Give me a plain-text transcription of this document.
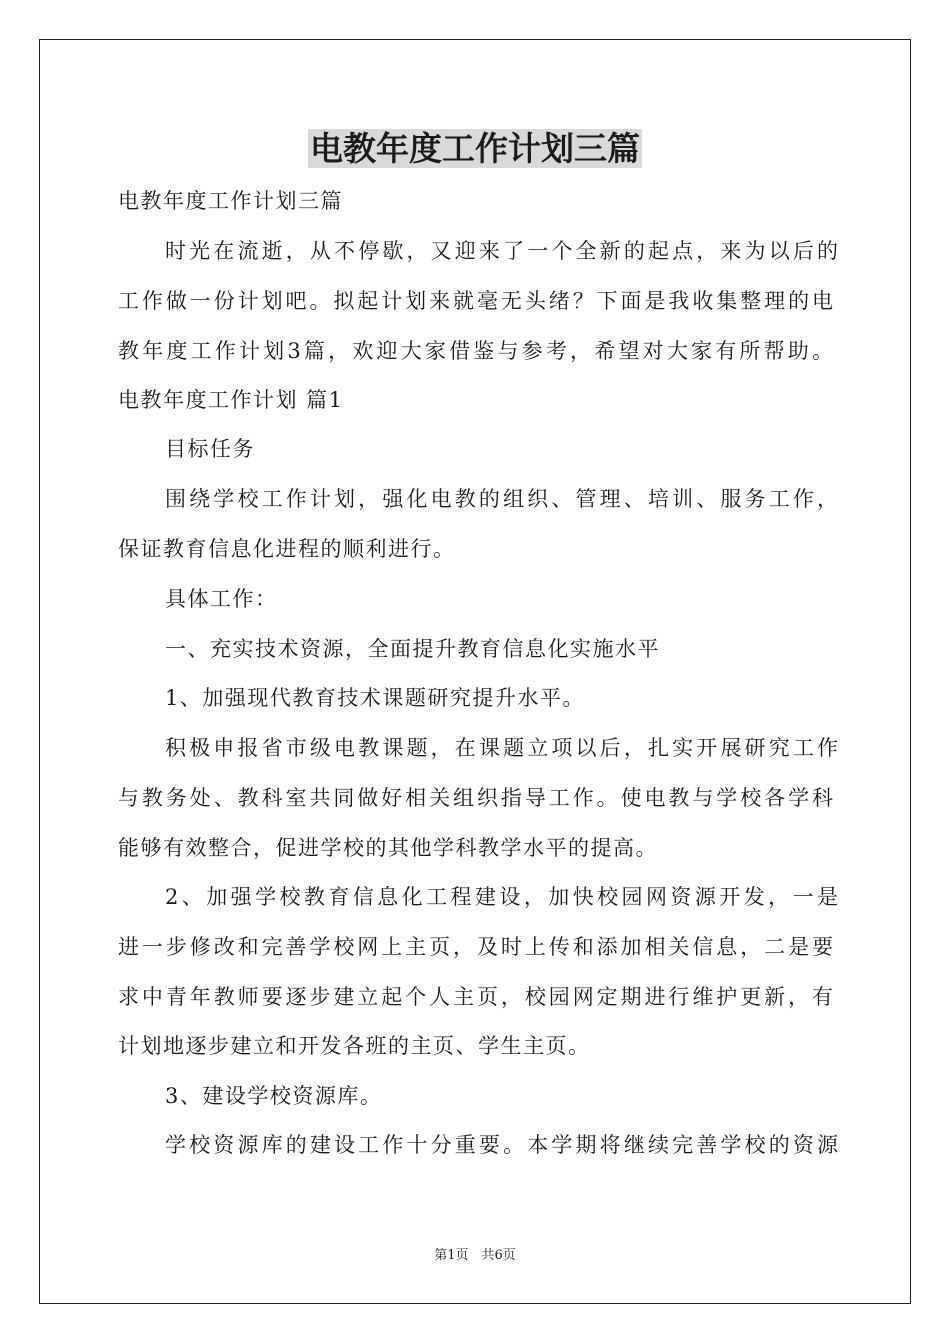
电教年度工作计划三篇
电教年度工作计划三篇
时光在流逝，从不停歇，又迎来了一个全新的起点，来为以后的
工作做一份计划吧。拟起计划来就毫无头绪？下面是我收集整理的电
教年度工作计划3篇，欢迎大家借鉴与参考，希望对大家有所帮助。
电教年度工作计划 篇1
目标任务
围绕学校工作计划，强化电教的组织、管理、培训、服务工作，
保证教育信息化进程的顺利进行。
具体工作：
一、充实技术资源，全面提升教育信息化实施水平
1、加强现代教育技术课题研究提升水平。
积极申报省市级电教课题，在课题立项以后，扎实开展研究工作
与教务处、教科室共同做好相关组织指导工作。使电教与学校各学科
能够有效整合，促进学校的其他学科教学水平的提高。
2、加强学校教育信息化工程建设，加快校园网资源开发，一是
进一步修改和完善学校网上主页，及时上传和添加相关信息，二是要
求中青年教师要逐步建立起个人主页，校园网定期进行维护更新，有
计划地逐步建立和开发各班的主页、学生主页。
3、建设学校资源库。
学校资源库的建设工作十分重要。本学期将继续完善学校的资源
第1页　共6页
